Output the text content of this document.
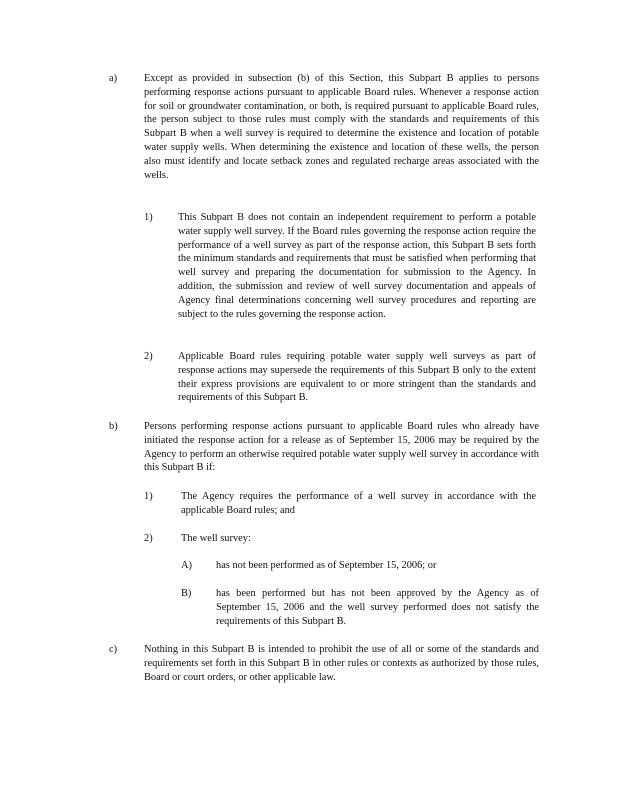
a)	Except as provided in subsection (b) of this Section, this Subpart B applies to persons performing response actions pursuant to applicable Board rules. Whenever a response action for soil or groundwater contamination, or both, is required pursuant to applicable Board rules, the person subject to those rules must comply with the standards and requirements of this Subpart B when a well survey is required to determine the existence and location of potable water supply wells. When determining the existence and location of these wells, the person also must identify and locate setback zones and regulated recharge areas associated with the wells.
1)	This Subpart B does not contain an independent requirement to perform a potable water supply well survey. If the Board rules governing the response action require the performance of a well survey as part of the response action, this Subpart B sets forth the minimum standards and requirements that must be satisfied when performing that well survey and preparing the documentation for submission to the Agency. In addition, the submission and review of well survey documentation and appeals of Agency final determinations concerning well survey procedures and reporting are subject to the rules governing the response action.
2)	Applicable Board rules requiring potable water supply well surveys as part of response actions may supersede the requirements of this Subpart B only to the extent their express provisions are equivalent to or more stringent than the standards and requirements of this Subpart B.
b)	Persons performing response actions pursuant to applicable Board rules who already have initiated the response action for a release as of September 15, 2006 may be required by the Agency to perform an otherwise required potable water supply well survey in accordance with this Subpart B if:
1)	The Agency requires the performance of a well survey in accordance with the applicable Board rules; and
2)	The well survey:
A)	has not been performed as of September 15, 2006; or
B)	has been performed but has not been approved by the Agency as of September 15, 2006 and the well survey performed does not satisfy the requirements of this Subpart B.
c)	Nothing in this Subpart B is intended to prohibit the use of all or some of the standards and requirements set forth in this Subpart B in other rules or contexts as authorized by those rules, Board or court orders, or other applicable law.
